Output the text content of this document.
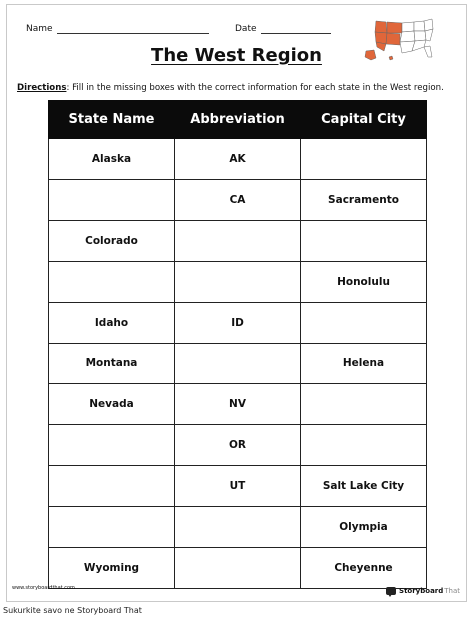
Name	Date
The West Region
Directions: Fill in the missing boxes with the correct information for each state in the West region.
State Name	Abbreviation	Capital City
Alaska	AK	
	CA	Sacramento
Colorado		
		Honolulu
Idaho	ID	
Montana		Helena
Nevada	NV	
	OR	
	UT	Salt Lake City
		Olympia
Wyoming		Cheyenne
www.storyboardthat.com	Storyboard That
Sukurkite savo ne Storyboard That
